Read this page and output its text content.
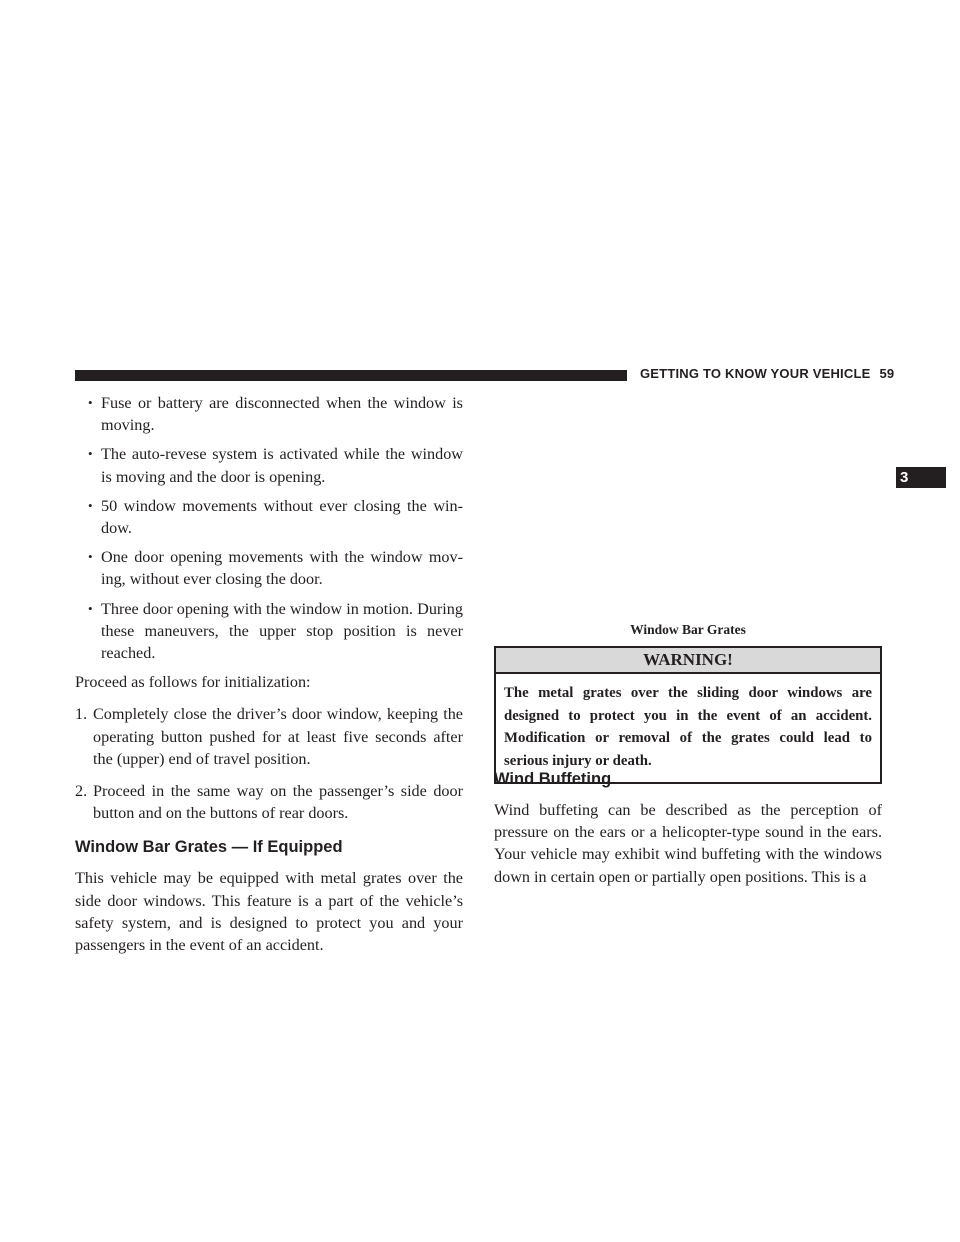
GETTING TO KNOW YOUR VEHICLE 59
3
• Fuse or battery are disconnected when the window is moving.
• The auto-revese system is activated while the window is moving and the door is opening.
• 50 window movements without ever closing the win-dow.
• One door opening movements with the window mov-ing, without ever closing the door.
• Three door opening with the window in motion. During these maneuvers, the upper stop position is never reached.

Proceed as follows for initialization:

1. Completely close the driver’s door window, keeping the operating button pushed for at least five seconds after the (upper) end of travel position.
2. Proceed in the same way on the passenger’s side door button and on the buttons of rear doors.
Window Bar Grates — If Equipped

This vehicle may be equipped with metal grates over the side door windows. This feature is a part of the vehicle’s safety system, and is designed to protect you and your passengers in the event of an accident.

Window Bar Grates
WARNING!
The metal grates over the sliding door windows are designed to protect you in the event of an accident. Modification or removal of the grates could lead to serious injury or death.
Wind Buffeting

Wind buffeting can be described as the perception of pressure on the ears or a helicopter-type sound in the ears. Your vehicle may exhibit wind buffeting with the windows down in certain open or partially open positions. This is a
